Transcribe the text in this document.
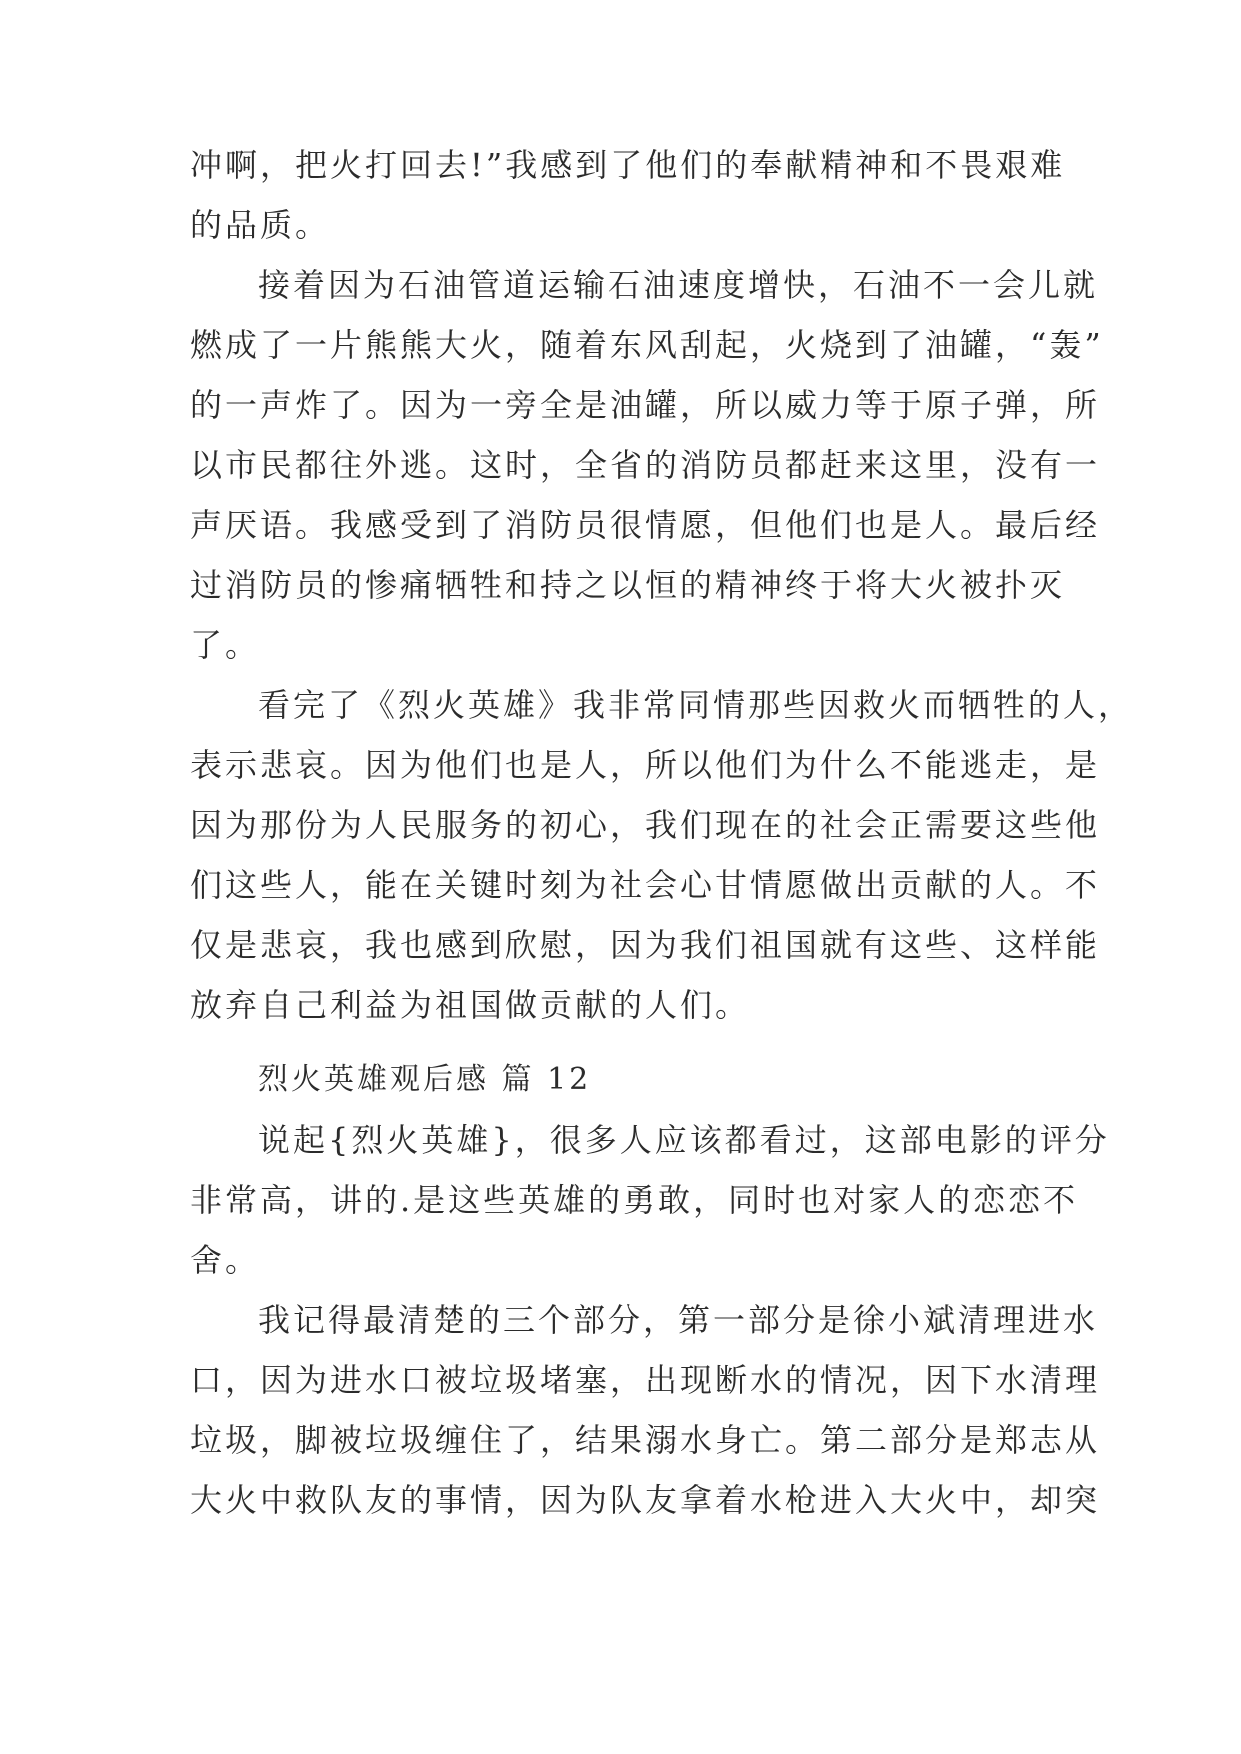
冲啊，把火打回去!”我感到了他们的奉献精神和不畏艰难

的品质。

接着因为石油管道运输石油速度增快，石油不一会儿就

燃成了一片熊熊大火，随着东风刮起，火烧到了油罐，“轰”

的一声炸了。因为一旁全是油罐，所以威力等于原子弹，所

以市民都往外逃。这时，全省的消防员都赶来这里，没有一

声厌语。我感受到了消防员很情愿，但他们也是人。最后经

过消防员的惨痛牺牲和持之以恒的精神终于将大火被扑灭

了。

看完了《烈火英雄》我非常同情那些因救火而牺牲的人，

表示悲哀。因为他们也是人，所以他们为什么不能逃走，是

因为那份为人民服务的初心，我们现在的社会正需要这些他

们这些人，能在关键时刻为社会心甘情愿做出贡献的人。不

仅是悲哀，我也感到欣慰，因为我们祖国就有这些、这样能

放弃自己利益为祖国做贡献的人们。

烈火英雄观后感 篇 12

说起{烈火英雄}，很多人应该都看过，这部电影的评分

非常高，讲的.是这些英雄的勇敢，同时也对家人的恋恋不

舍。

我记得最清楚的三个部分，第一部分是徐小斌清理进水

口，因为进水口被垃圾堵塞，出现断水的情况，因下水清理

垃圾，脚被垃圾缠住了，结果溺水身亡。第二部分是郑志从

大火中救队友的事情，因为队友拿着水枪进入大火中，却突
